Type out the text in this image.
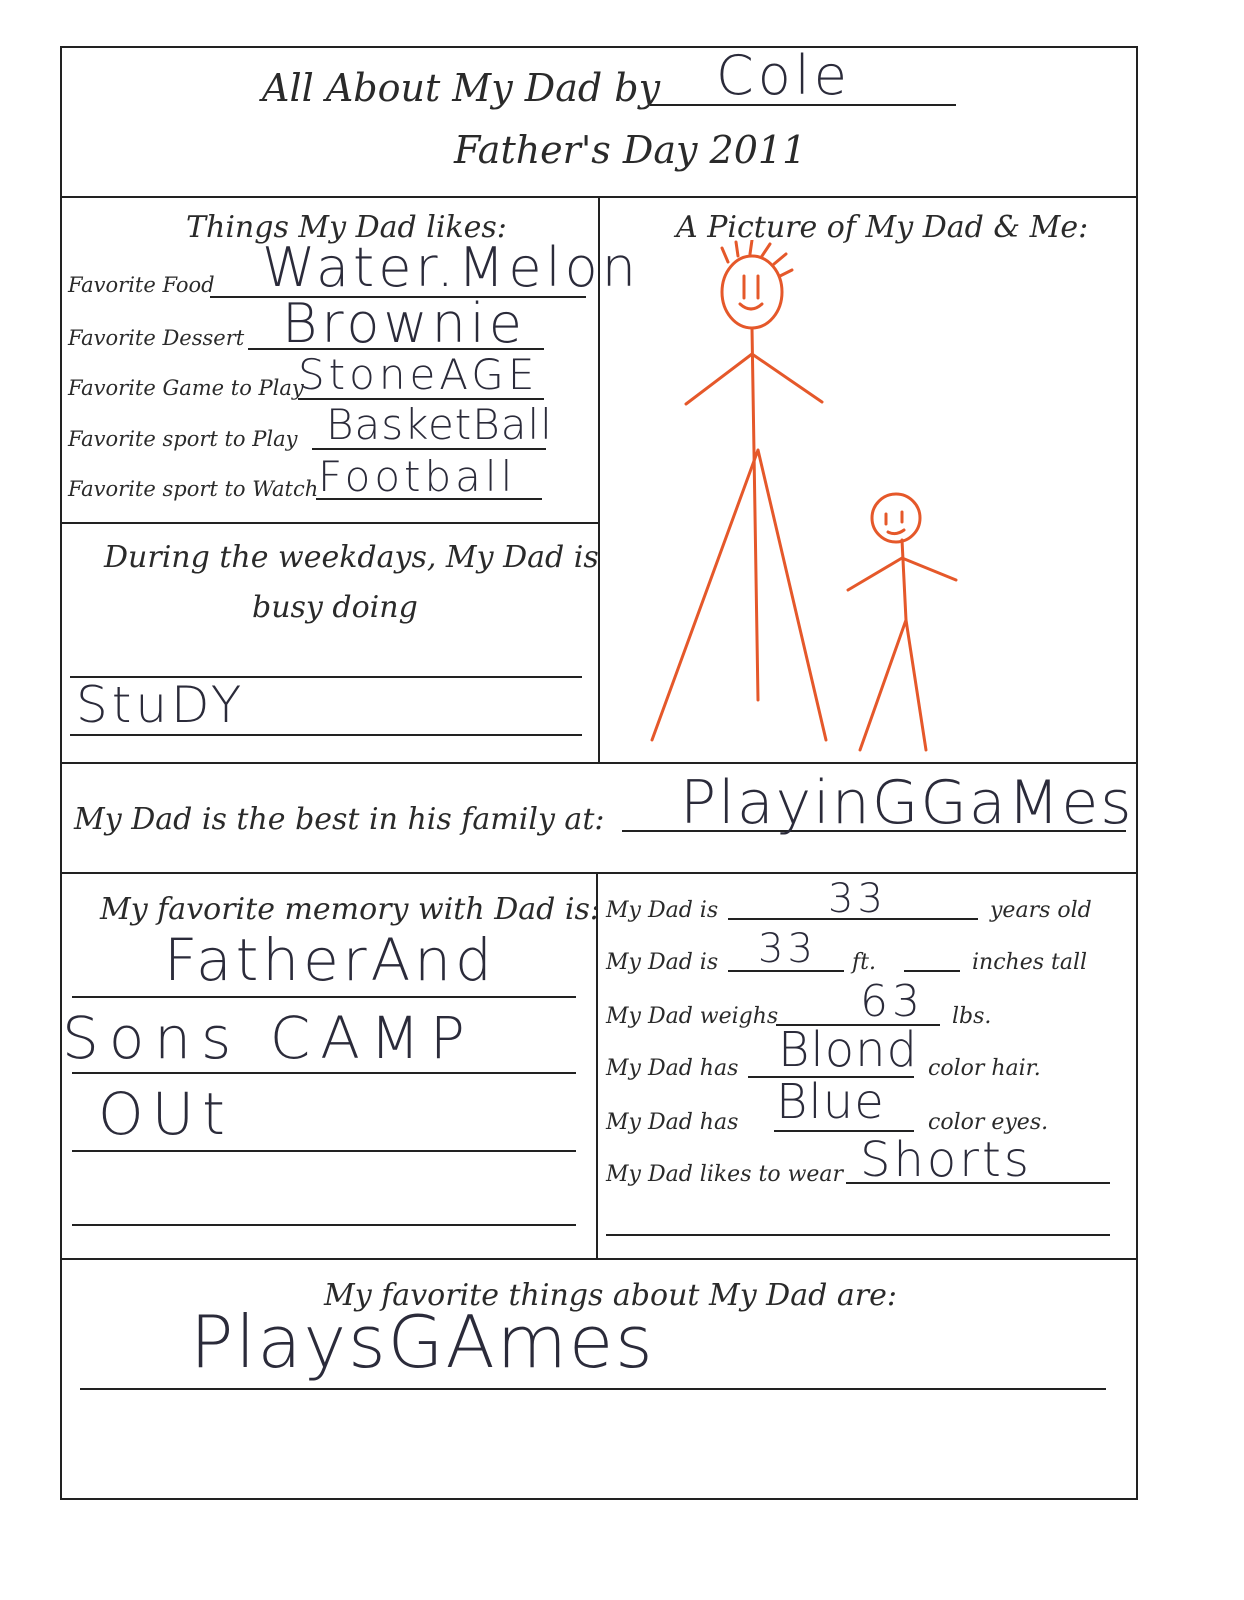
All About My Dad by Cole
Father's Day 2011
Things My Dad likes:
Favorite Food Water.Melon
Favorite Dessert Brownie
Favorite Game to Play
StoneAGE
Favorite sport to Play BasketBall
Favorite sport to Watch Football
A Picture of My Dad & Me:
During the weekdays, My Dad is
busy doing
StuDY
My Dad is the best in his family at: PlayinGGaMes
My favorite memory with Dad is:
FatherAnd
Sons CAMP
OUt
My Dad is	33	years old
My Dad is 33 ft.	inches tall
My Dad weighs 63 lbs.
My Dad has Blond color hair.
My Dad has Blue color eyes.
My Dad likes to wear Shorts
My favorite things about My Dad are:
PlaysGAmes
